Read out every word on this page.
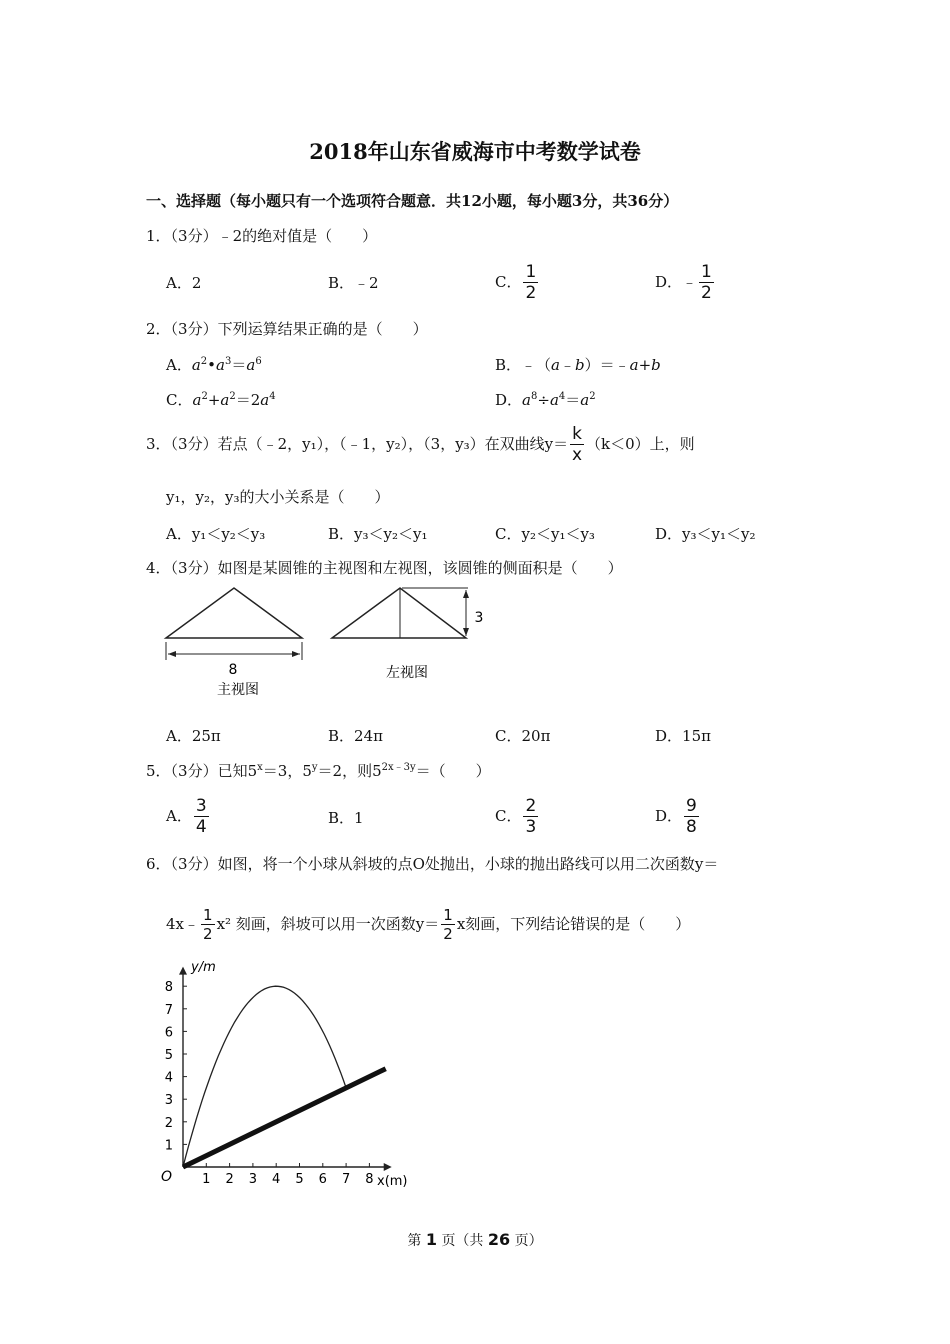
2018年山东省威海市中考数学试卷
一、选择题（每小题只有一个选项符合题意．共12小题，每小题3分，共36分）
1．（3分）﹣2的绝对值是（　　）
A．2	B．﹣2	C． $\frac{1}{2}$	D．﹣ $\frac{1}{2}$
2．（3分）下列运算结果正确的是（　　）
A．$a^2•a^3=a^6$	B．﹣（a﹣b）＝﹣a+b
C．$a^2+a^2=2a^4$	D．$a^8\div a^4=a^2$
3．（3分）若点（﹣2，y₁），（﹣1，y₂），（3，y₃）在双曲线$y= \frac{k}{x} (k<0)$上，则
y₁，y₂，y₃的大小关系是（　　）
A．y₁＜y₂＜y₃	B．y₃＜y₂＜y₁	C．y₂＜y₁＜y₃	D．y₃＜y₁＜y₂
4．（3分）如图是某圆锥的主视图和左视图，该圆锥的侧面积是（　　）
8
主视图
3
左视图
A．25π	B．24π	C．20π	D．15π
5．（3分）已知$5^x=3$，$5^y=2$，则$5^{2x﹣3y}=$（　　）
A． $\frac{3}{4}$	B．1	C． $\frac{2}{3}$	D． $\frac{9}{8}$
6．（3分）如图，将一个小球从斜坡的点O处抛出，小球的抛出路线可以用二次函数y＝
4x﹣ $\frac{1}{2} x^2$ 刻画，斜坡可以用一次函数$y= \frac{1}{2}$ x刻画，下列结论错误的是（　　）
1 2 3 4 5 6 7 8
1
2
3
4
5
6
7
8
y/m
x(m)
O
第 1 页（共 26 页）
